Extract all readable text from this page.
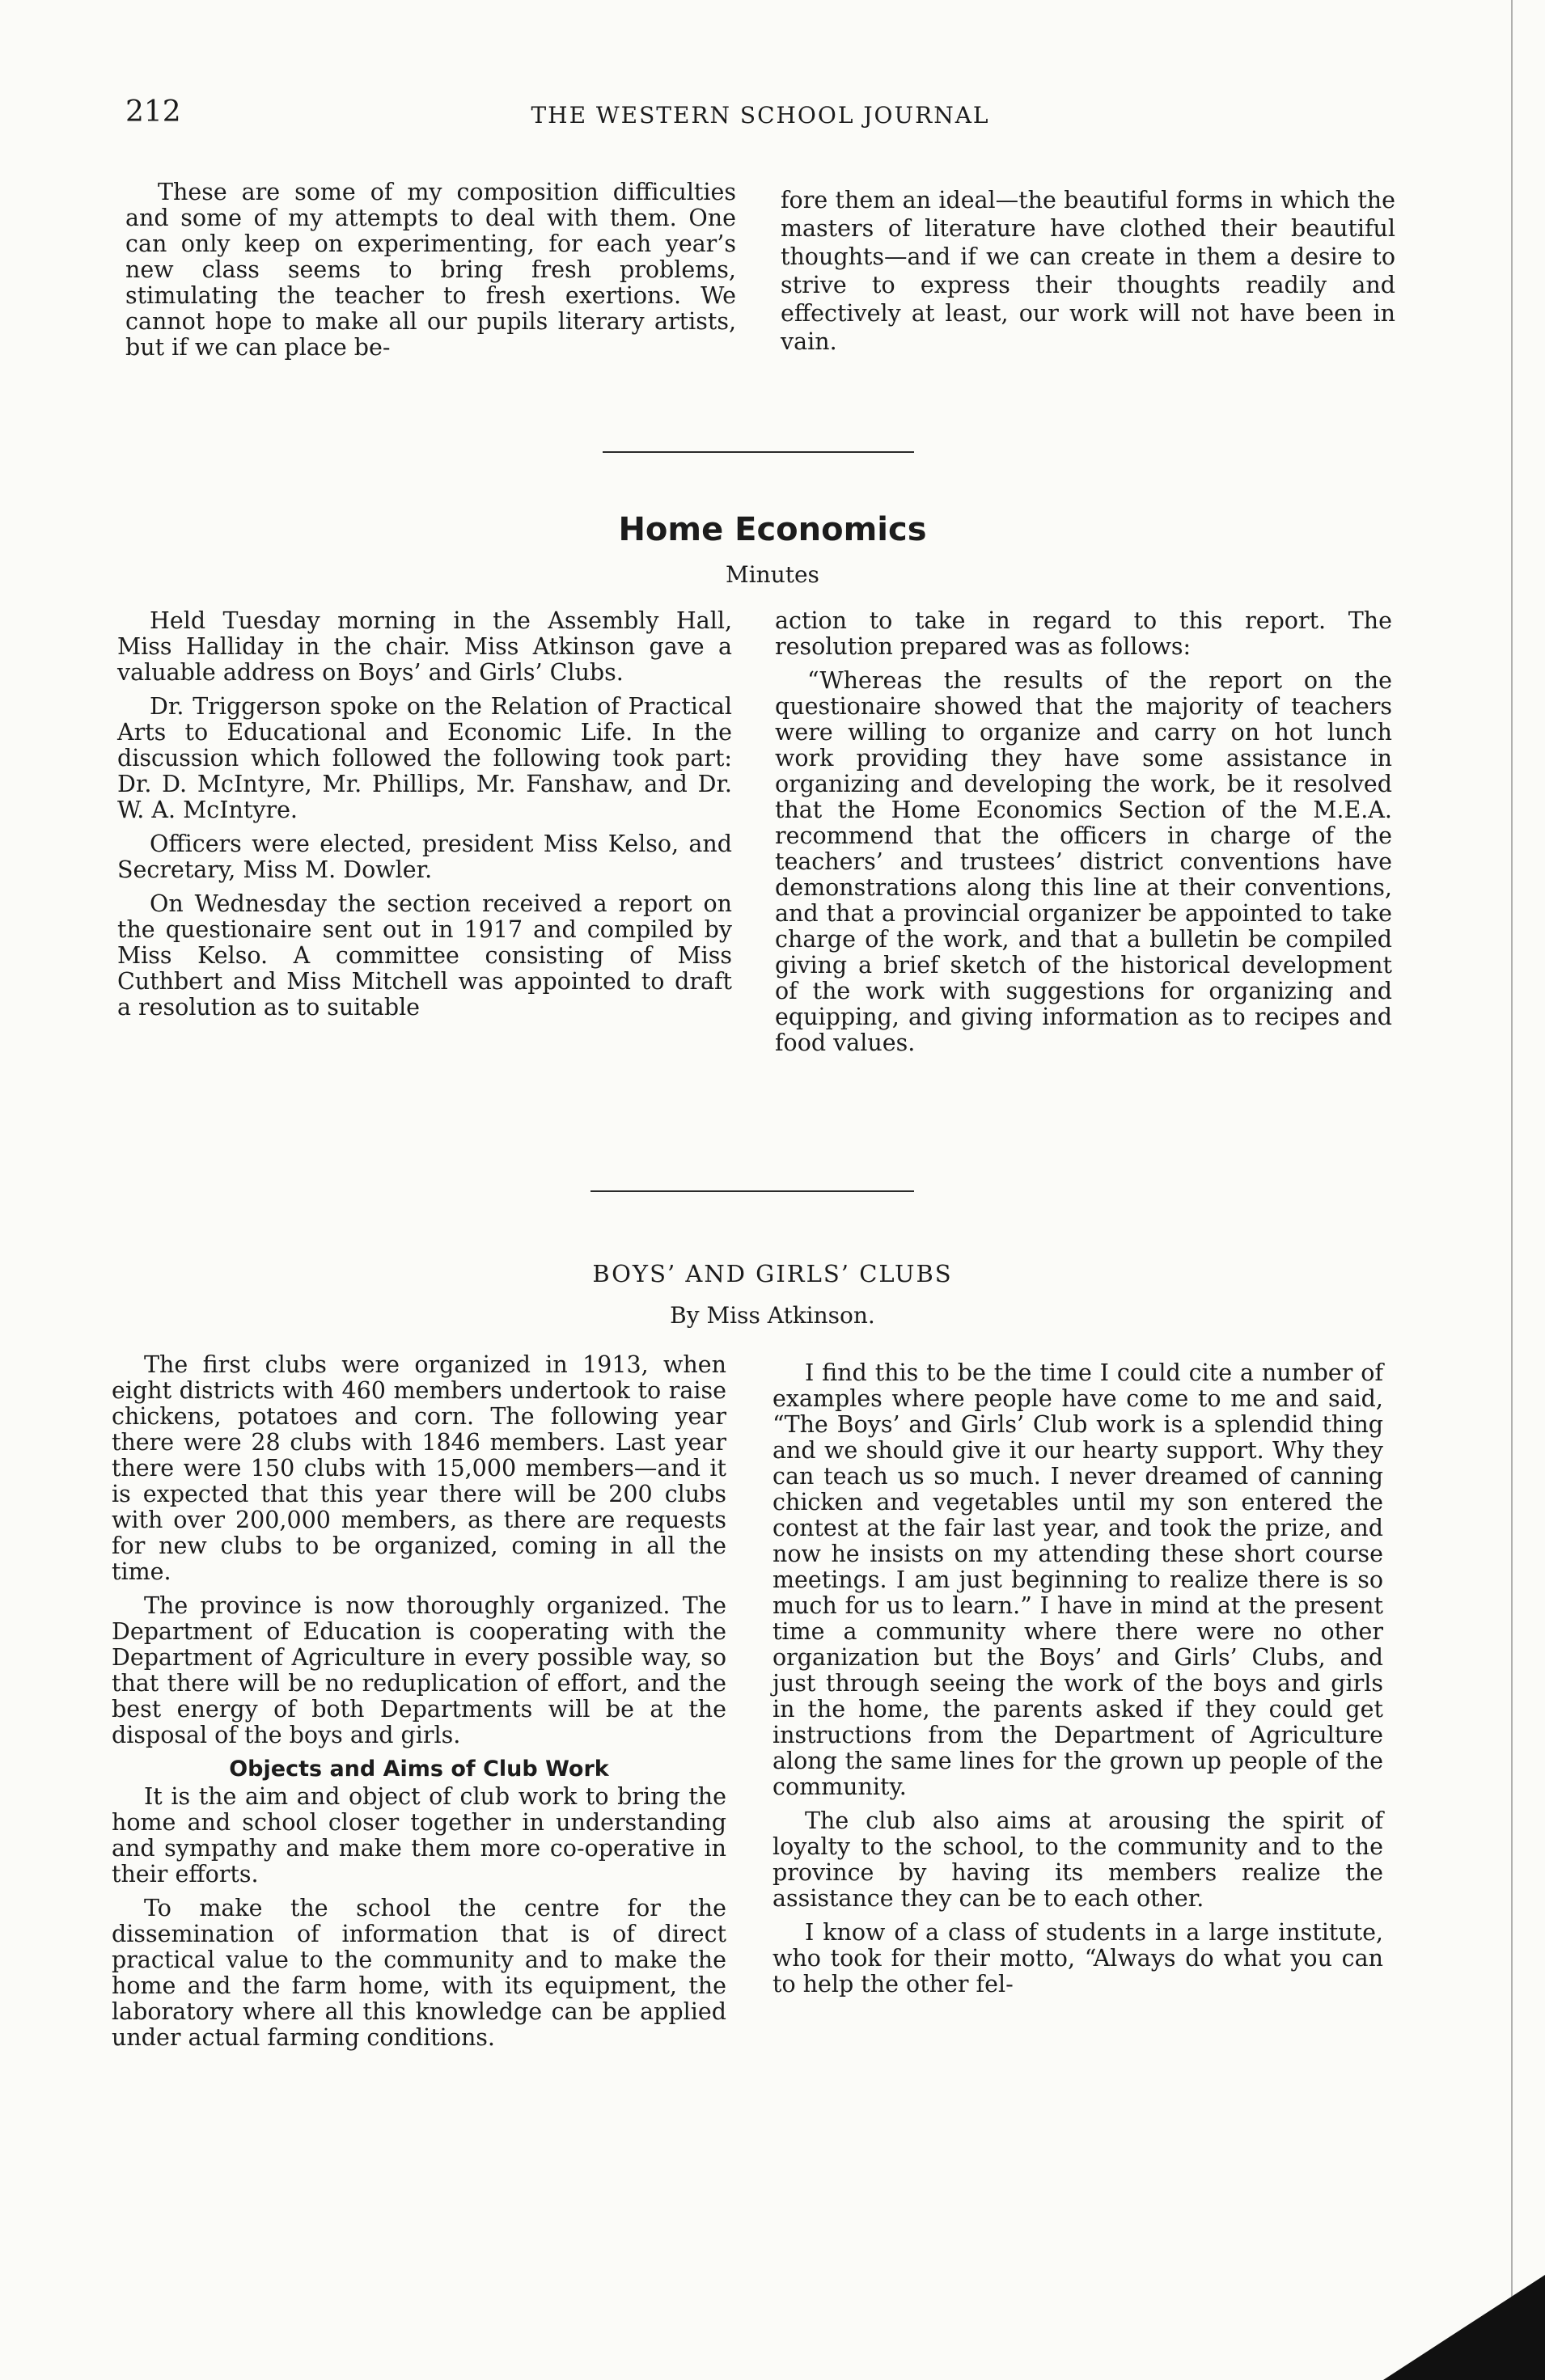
212	THE WESTERN SCHOOL JOURNAL

These are some of my composition difficulties and some of my attempts to deal with them. One can only keep on experimenting, for each year’s new class seems to bring fresh problems, stimulating the teacher to fresh exertions. We cannot hope to make all our pupils literary artists, but if we can place be-

fore them an ideal—the beautiful forms in which the masters of literature have clothed their beautiful thoughts—and if we can create in them a desire to strive to express their thoughts readily and effectively at least, our work will not have been in vain.

Home Economics
Minutes

Held Tuesday morning in the Assembly Hall, Miss Halliday in the chair. Miss Atkinson gave a valuable address on Boys’ and Girls’ Clubs.

Dr. Triggerson spoke on the Relation of Practical Arts to Educational and Economic Life. In the discussion which followed the following took part: Dr. D. McIntyre, Mr. Phillips, Mr. Fanshaw, and Dr. W. A. McIntyre.

Officers were elected, president Miss Kelso, and Secretary, Miss M. Dowler.

On Wednesday the section received a report on the questionaire sent out in 1917 and compiled by Miss Kelso. A committee consisting of Miss Cuthbert and Miss Mitchell was appointed to draft a resolution as to suitable

action to take in regard to this report. The resolution prepared was as follows:

“Whereas the results of the report on the questionaire showed that the majority of teachers were willing to organize and carry on hot lunch work providing they have some assistance in organizing and developing the work, be it resolved that the Home Economics Section of the M.E.A. recommend that the officers in charge of the teachers’ and trustees’ district conventions have demonstrations along this line at their conventions, and that a provincial organizer be appointed to take charge of the work, and that a bulletin be compiled giving a brief sketch of the historical development of the work with suggestions for organizing and equipping, and giving information as to recipes and food values.

BOYS’ AND GIRLS’ CLUBS
By Miss Atkinson.

The first clubs were organized in 1913, when eight districts with 460 members undertook to raise chickens, potatoes and corn. The following year there were 28 clubs with 1846 members. Last year there were 150 clubs with 15,000 members—and it is expected that this year there will be 200 clubs with over 200,000 members, as there are requests for new clubs to be organized, coming in all the time.

The province is now thoroughly organized. The Department of Education is cooperating with the Department of Agriculture in every possible way, so that there will be no reduplication of effort, and the best energy of both Departments will be at the disposal of the boys and girls.

Objects and Aims of Club Work

It is the aim and object of club work to bring the home and school closer together in understanding and sympathy and make them more co-operative in their efforts.

To make the school the centre for the dissemination of information that is of direct practical value to the community and to make the home and the farm home, with its equipment, the laboratory where all this knowledge can be applied under actual farming conditions.

I find this to be the time I could cite a number of examples where people have come to me and said, “The Boys’ and Girls’ Club work is a splendid thing and we should give it our hearty support. Why they can teach us so much. I never dreamed of canning chicken and vegetables until my son entered the contest at the fair last year, and took the prize, and now he insists on my attending these short course meetings. I am just beginning to realize there is so much for us to learn.” I have in mind at the present time a community where there were no other organization but the Boys’ and Girls’ Clubs, and just through seeing the work of the boys and girls in the home, the parents asked if they could get instructions from the Department of Agriculture along the same lines for the grown up people of the community.

The club also aims at arousing the spirit of loyalty to the school, to the community and to the province by having its members realize the assistance they can be to each other.

I know of a class of students in a large institute, who took for their motto, “Always do what you can to help the other fel-
